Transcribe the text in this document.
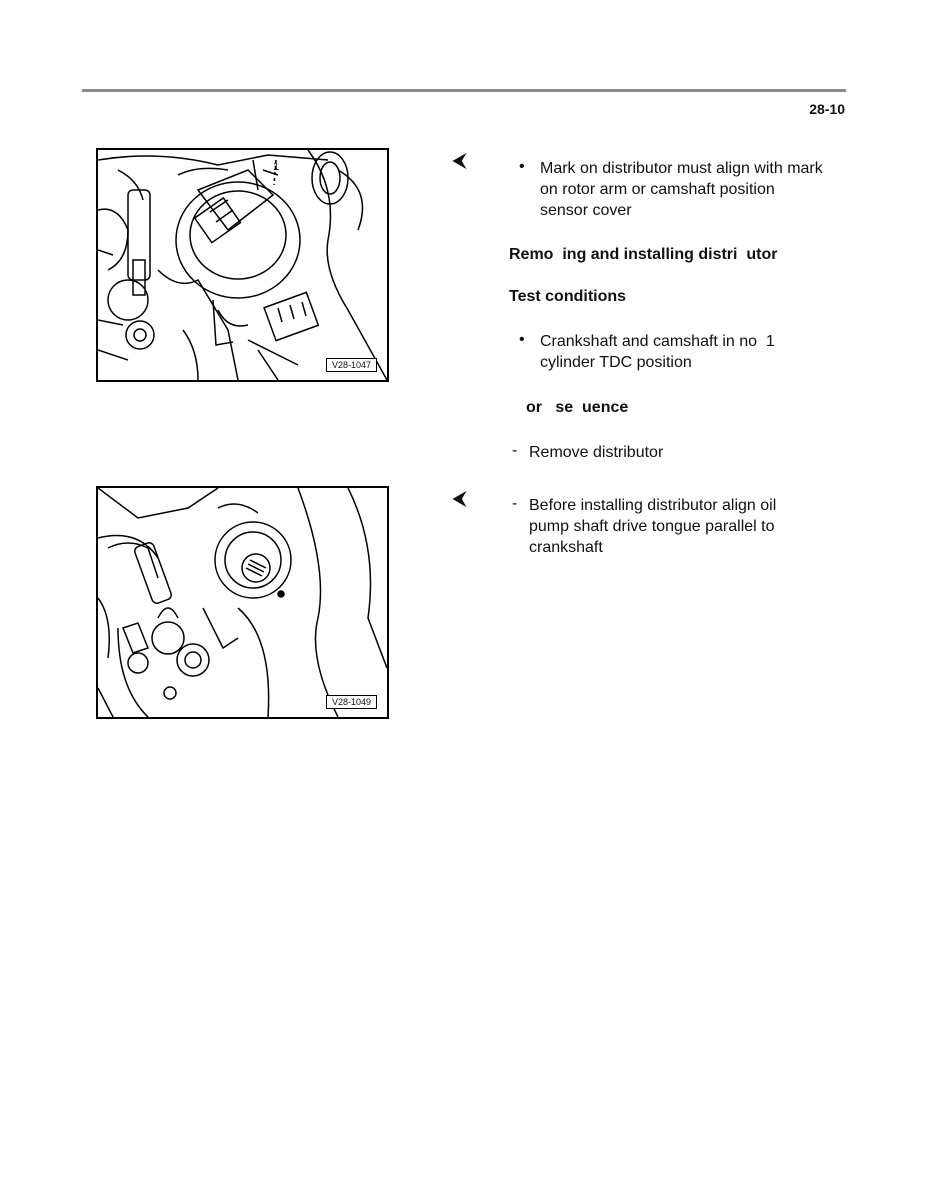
28-10
1
V28-1047
V28-1049
⮜	• Mark on distributor must align with mark on rotor arm or camshaft position sensor cover
Remo  ing and installing distri  utor
Test conditions
• Crankshaft and camshaft in no  1 cylinder TDC position
or   se  uence
- Remove distributor
⮜	- Before installing distributor align oil pump shaft drive tongue parallel to crankshaft
